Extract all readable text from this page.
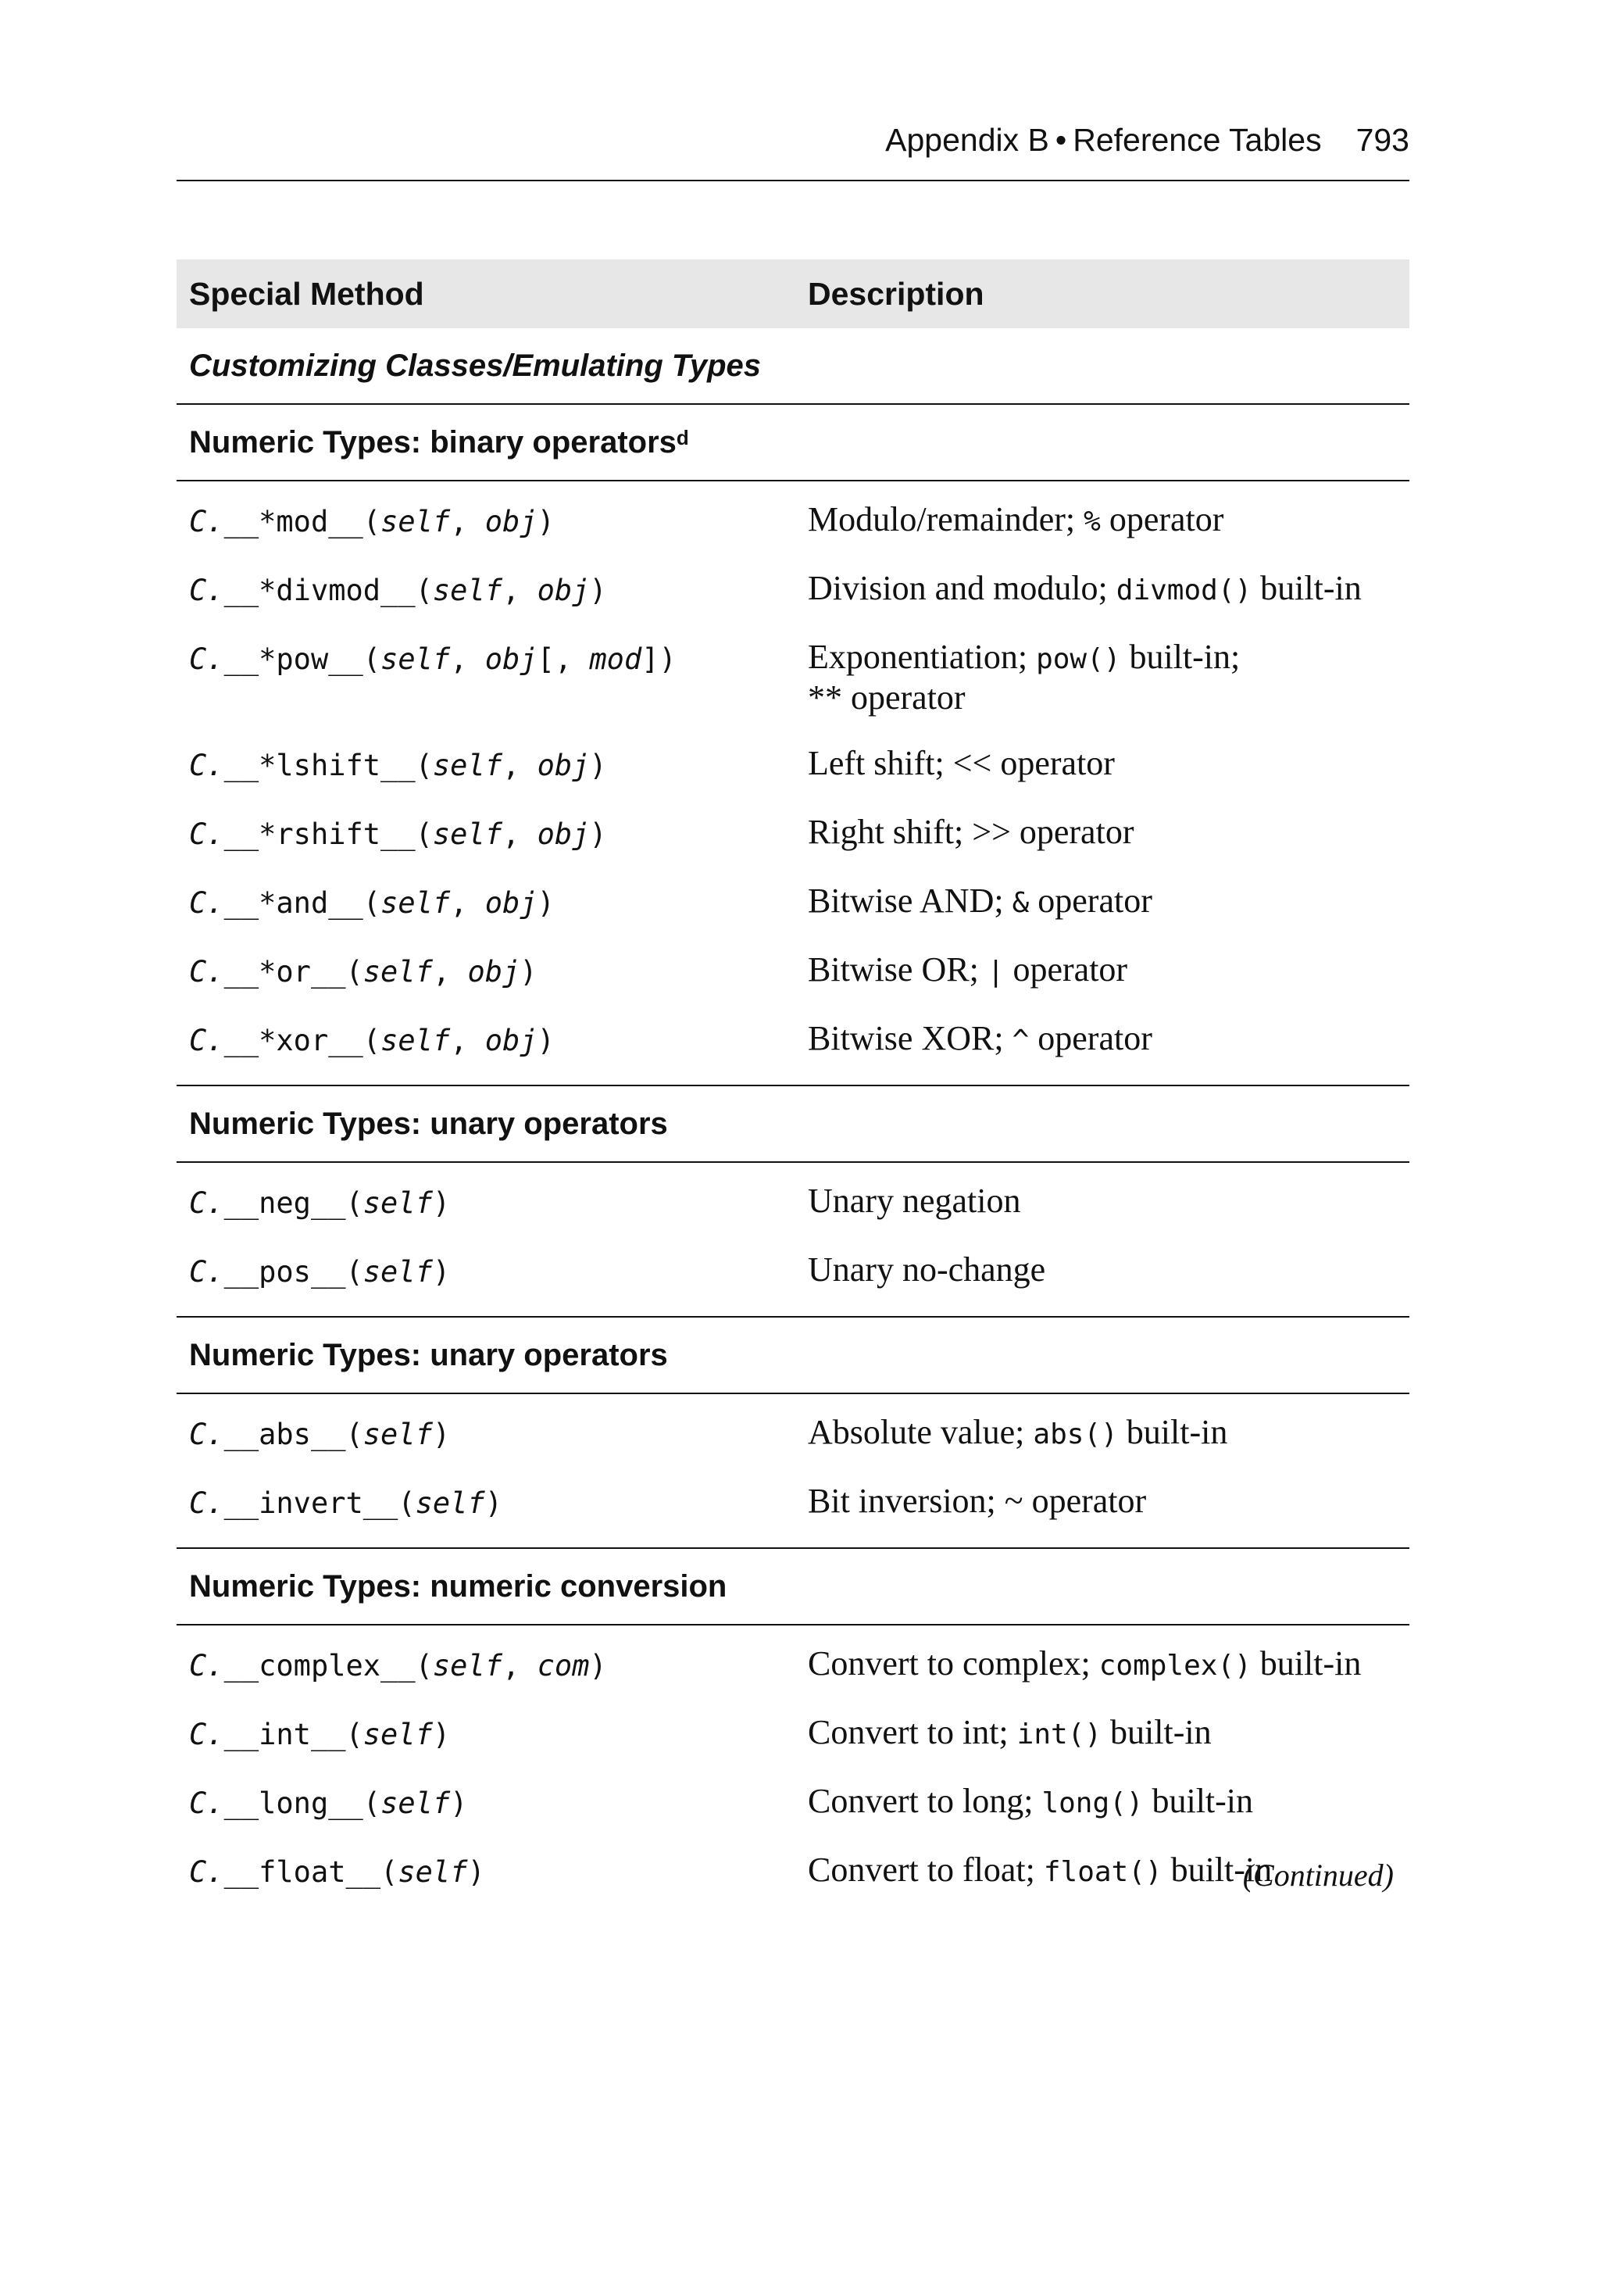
Appendix B • Reference Tables 793
Special Method	Description
Customizing Classes/Emulating Types
Numeric Types: binary operators$^d$
C.__*mod__(self, obj)	Modulo/remainder; % operator
C.__*divmod__(self, obj)	Division and modulo; divmod() built-in
C.__*pow__(self, obj[, mod])	Exponentiation; pow() built-in;
** operator
C.__*lshift__(self, obj)	Left shift; << operator
C.__*rshift__(self, obj)	Right shift; >> operator
C.__*and__(self, obj)	Bitwise AND; & operator
C.__*or__(self, obj)	Bitwise OR; | operator
C.__*xor__(self, obj)	Bitwise XOR; ^ operator
Numeric Types: unary operators
C.__neg__(self)	Unary negation
C.__pos__(self)	Unary no-change
Numeric Types: unary operators
C.__abs__(self)	Absolute value; abs() built-in
C.__invert__(self)	Bit inversion; ~ operator
Numeric Types: numeric conversion
C.__complex__(self, com)	Convert to complex; complex() built-in
C.__int__(self)	Convert to int; int() built-in
C.__long__(self)	Convert to long; long() built-in
C.__float__(self)	Convert to float; float() built-in
(Continued)
